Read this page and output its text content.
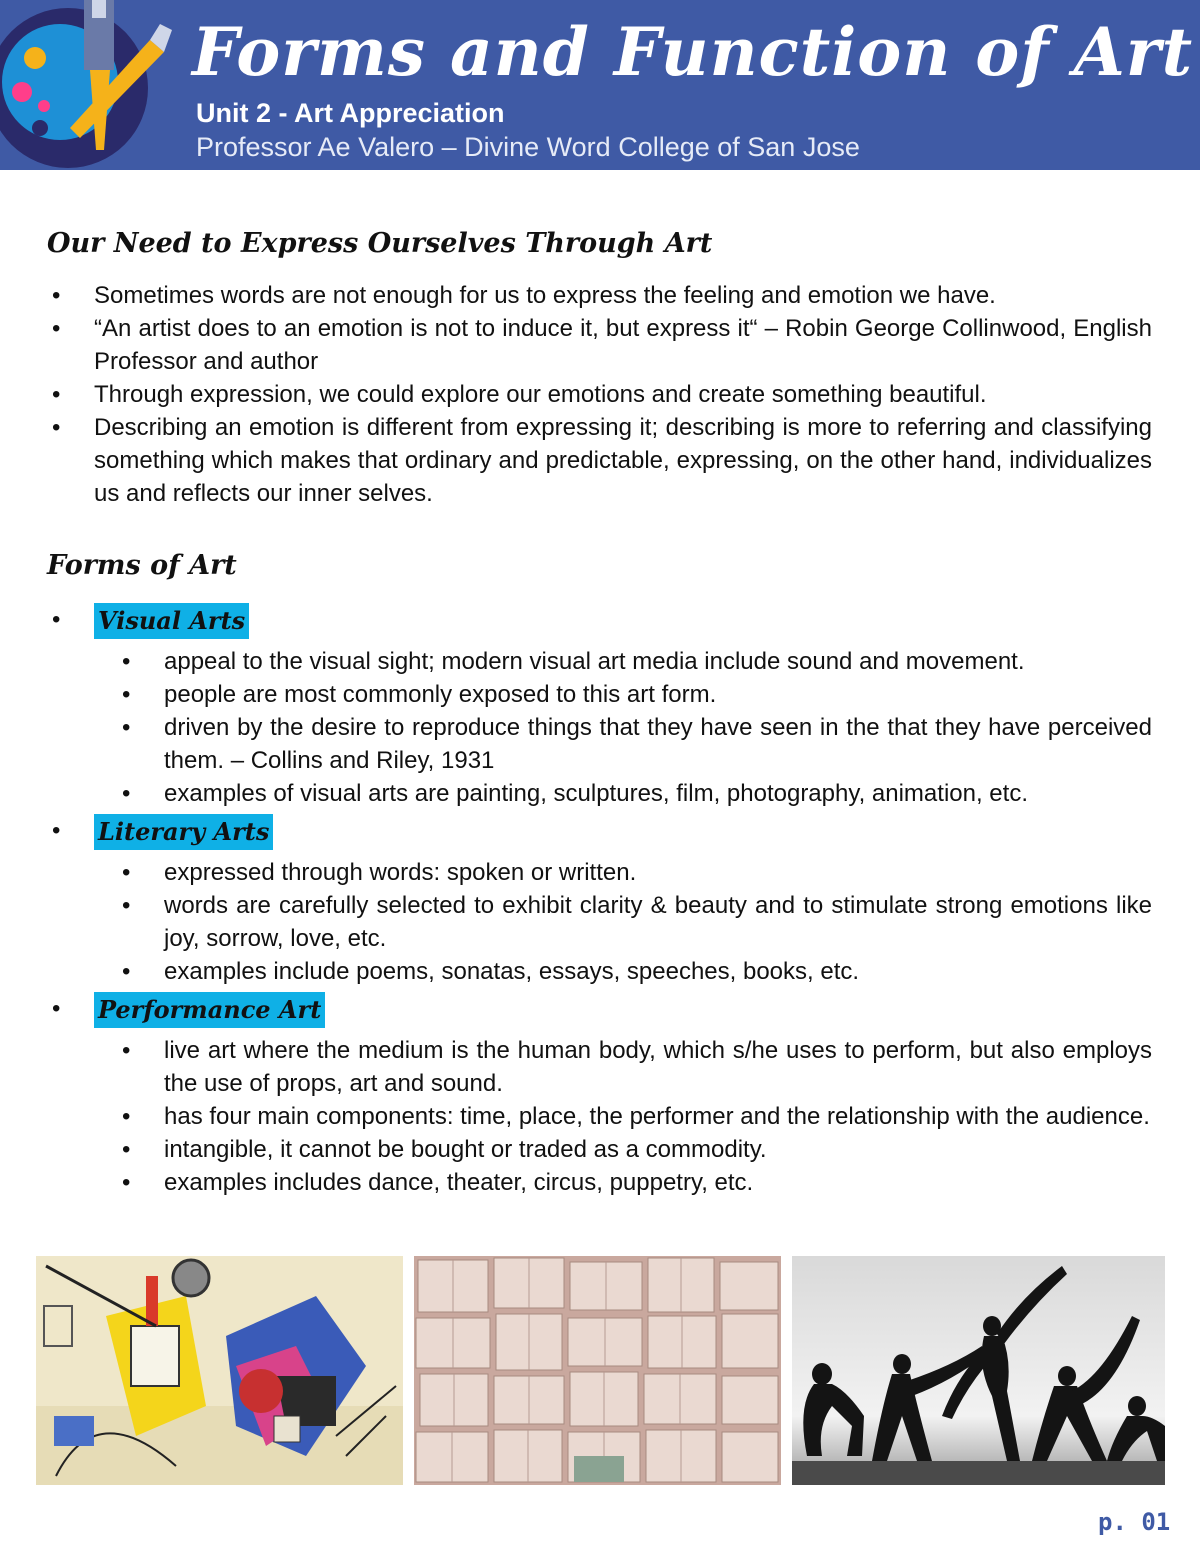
Forms and Function of Art
Unit 2 - Art Appreciation
Professor Ae Valero – Divine Word College of San Jose
Our Need to Express Ourselves Through Art
• Sometimes words are not enough for us to express the feeling and emotion we have.
• “An artist does to an emotion is not to induce it, but express it“ – Robin George Collinwood, English Professor and author
• Through expression, we could explore our emotions and create something beautiful.
• Describing an emotion is different from expressing it; describing is more to referring and classifying something which makes that ordinary and predictable, expressing, on the other hand, individualizes us and reflects our inner selves.
Forms of Art
• Visual Arts
• appeal to the visual sight; modern visual art media include sound and movement.
• people are most commonly exposed to this art form.
• driven by the desire to reproduce things that they have seen in the that they have perceived them. – Collins and Riley, 1931
• examples of visual arts are painting, sculptures, film, photography, animation, etc.
• Literary Arts
• expressed through words: spoken or written.
• words are carefully selected to exhibit clarity & beauty and to stimulate strong emotions like joy, sorrow, love, etc.
• examples include poems, sonatas, essays, speeches, books, etc.
• Performance Art
• live art where the medium is the human body, which s/he uses to perform, but also employs the use of props, art and sound.
• has four main components: time, place, the performer and the relationship with the audience.
• intangible, it cannot be bought or traded as a commodity.
• examples includes dance, theater, circus, puppetry, etc.
p. 01
